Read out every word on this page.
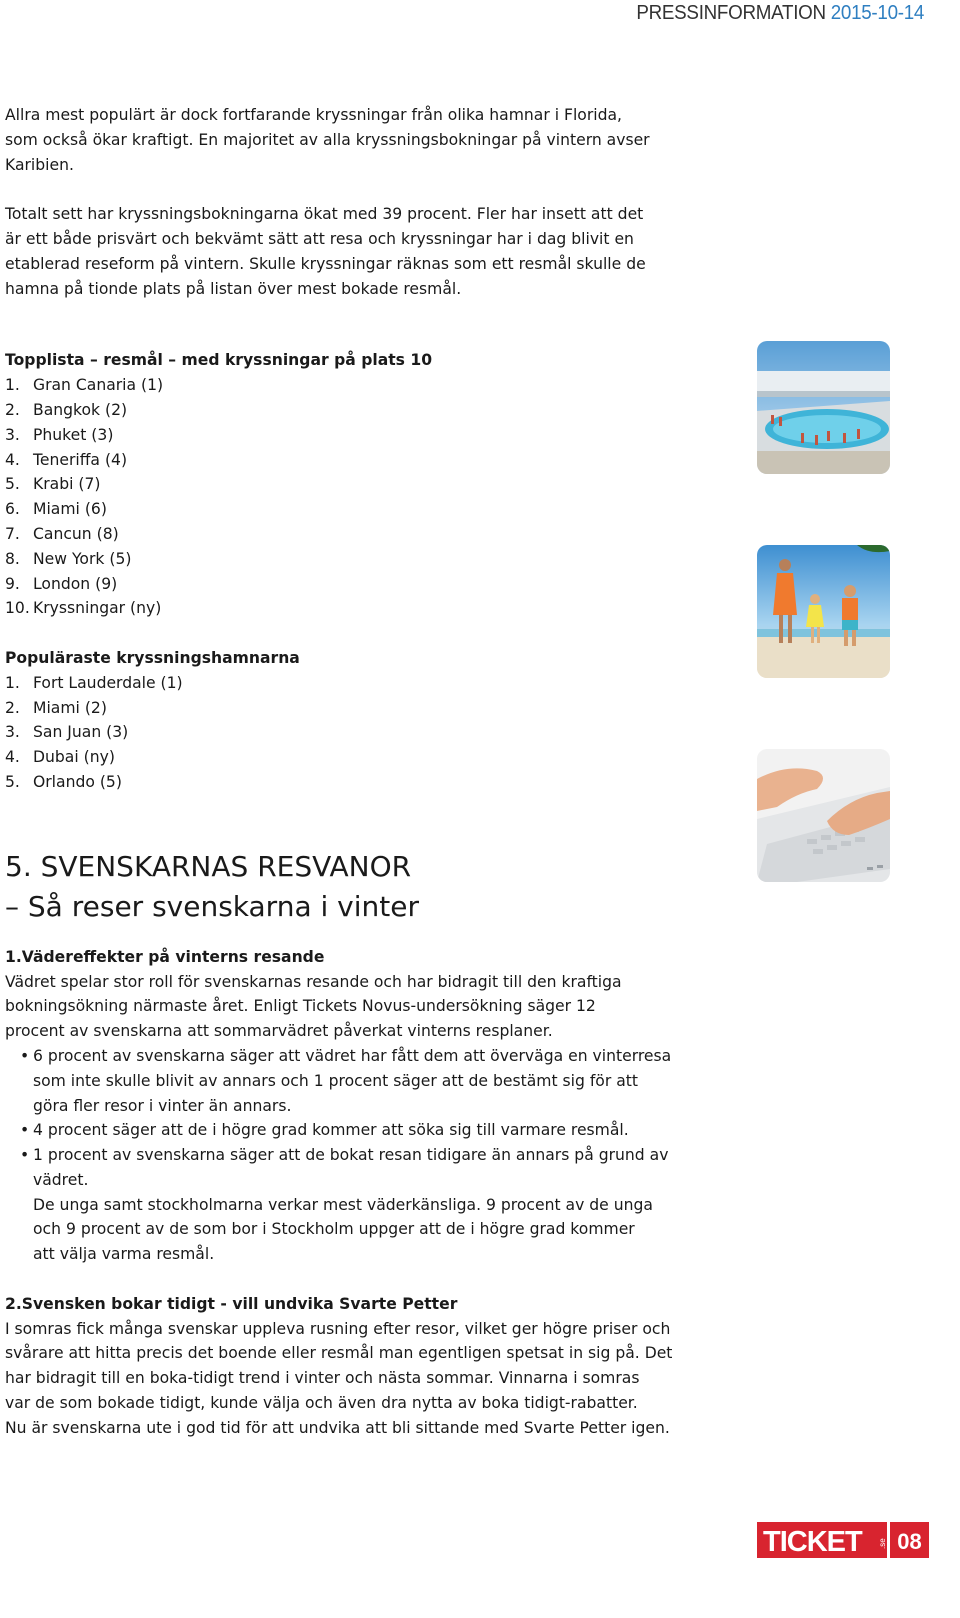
PRESSINFORMATION 2015-10-14

Allra mest populärt är dock fortfarande kryssningar från olika hamnar i Florida,

som också ökar kraftigt. En majoritet av alla kryssningsbokningar på vintern avser

Karibien.

Totalt sett har kryssningsbokningarna ökat med 39 procent. Fler har insett att det

är ett både prisvärt och bekvämt sätt att resa och kryssningar har i dag blivit en

etablerad reseform på vintern. Skulle kryssningar räknas som ett resmål skulle de

hamna på tionde plats på listan över mest bokade resmål.

Topplista – resmål – med kryssningar på plats 10
1. Gran Canaria (1)
2. Bangkok (2)
3. Phuket (3)
4. Teneriffa (4)
5. Krabi (7)
6. Miami (6)
7. Cancun (8)
8. New York (5)
9. London (9)
10. Kryssningar (ny)
Populäraste kryssningshamnarna
1. Fort Lauderdale (1)
2. Miami (2)
3. San Juan (3)
4. Dubai (ny)
5. Orlando (5)
5. SVENSKARNAS RESVANOR
– Så reser svenskarna i vinter
1.Vädereffekter på vinterns resande

Vädret spelar stor roll för svenskarnas resande och har bidragit till den kraftiga

bokningsökning närmaste året. Enligt Tickets Novus-undersökning säger 12

procent av svenskarna att sommarvädret påverkat vinterns resplaner.

• 6 procent av svenskarna säger att vädret har fått dem att överväga en vinterresa
som inte skulle blivit av annars och 1 procent säger att de bestämt sig för att
göra fler resor i vinter än annars.
• 4 procent säger att de i högre grad kommer att söka sig till varmare resmål.
• 1 procent av svenskarna säger att de bokat resan tidigare än annars på grund av
vädret.

De unga samt stockholmarna verkar mest väderkänsliga. 9 procent av de unga

och 9 procent av de som bor i Stockholm uppger att de i högre grad kommer

att välja varma resmål.

2.Svensken bokar tidigt - vill undvika Svarte Petter

I somras fick många svenskar uppleva rusning efter resor, vilket ger högre priser och

svårare att hitta precis det boende eller resmål man egentligen spetsat in sig på. Det

har bidragit till en boka-tidigt trend i vinter och nästa sommar. Vinnarna i somras

var de som bokade tidigt, kunde välja och även dra nytta av boka tidigt-rabatter.

Nu är svenskarna ute i god tid för att undvika att bli sittande med Svarte Petter igen.

TICKET .se 08
